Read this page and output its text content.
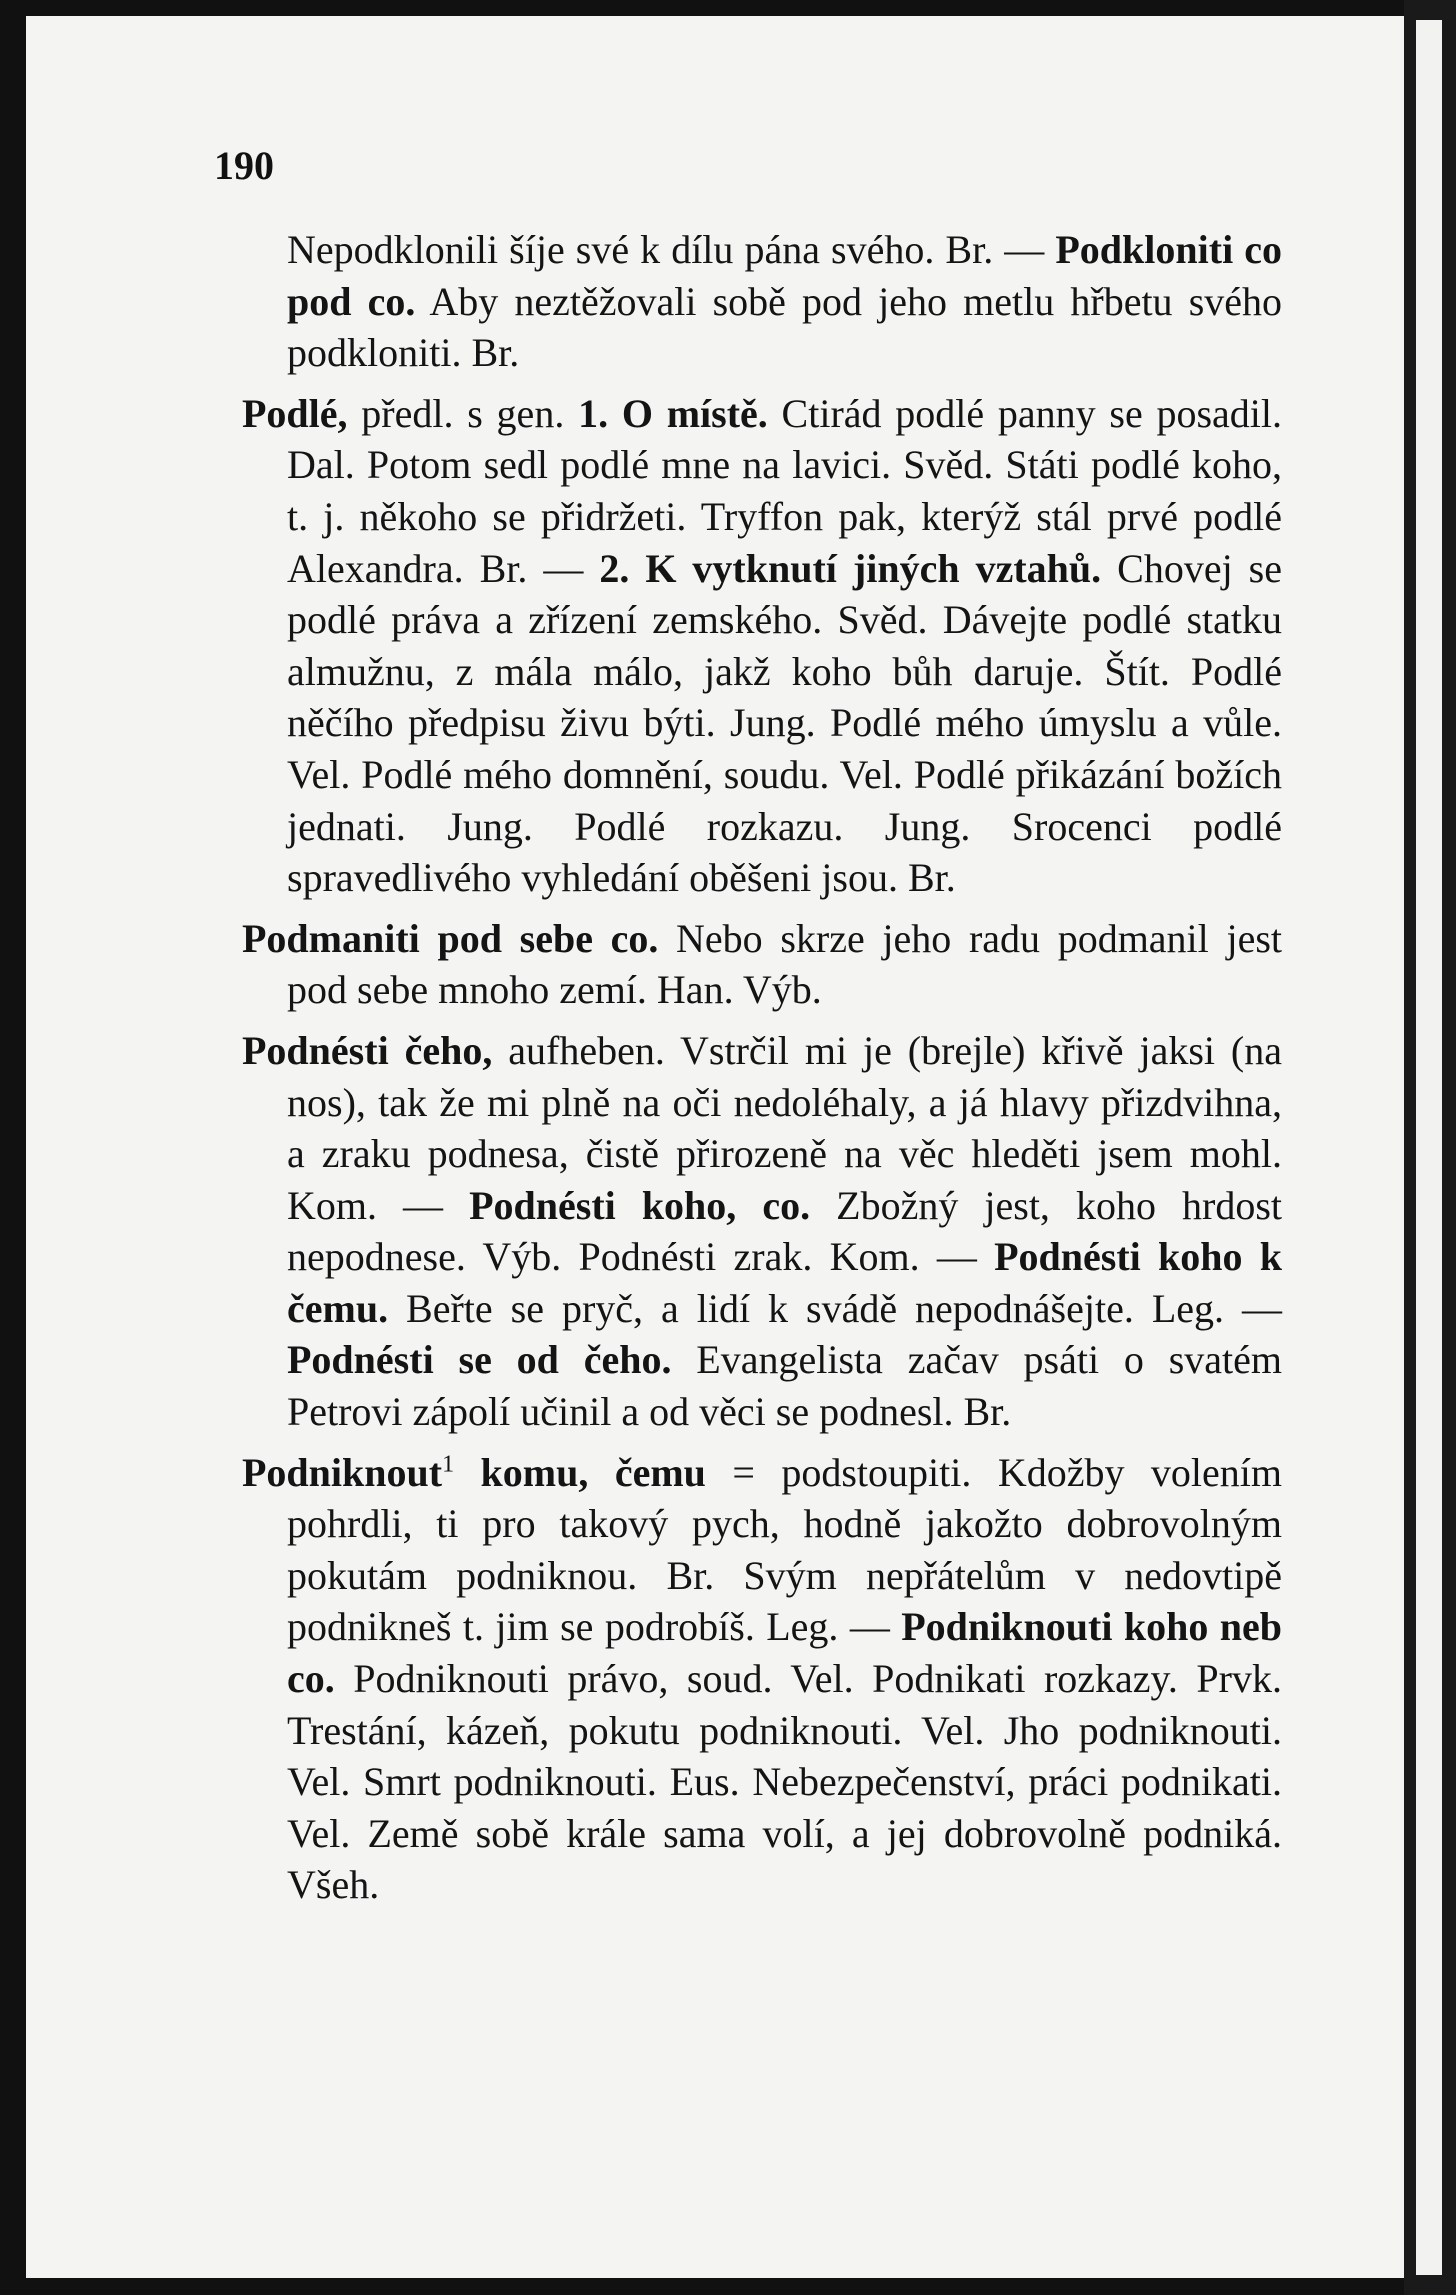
190

Nepodklonili šíje své k dílu pána svého. Br. — Podkloniti co pod co. Aby neztěžovali sobě pod jeho metlu hřbetu svého podkloniti. Br.

Podlé, předl. s gen. 1. O místě. Ctirád podlé panny se posadil. Dal. Potom sedl podlé mne na lavici. Svěd. Státi podlé koho, t. j. někoho se přidržeti. Tryffon pak, kterýž stál prvé podlé Alexandra. Br. — 2. K vytknutí jiných vztahů. Chovej se podlé práva a zřízení zemského. Svěd. Dávejte podlé statku almužnu, z mála málo, jakž koho bůh daruje. Štít. Podlé něčího předpisu živu býti. Jung. Podlé mého úmyslu a vůle. Vel. Podlé mého domnění, soudu. Vel. Podlé přikázání božích jednati. Jung. Podlé rozkazu. Jung. Srocenci podlé spravedlivého vyhledání oběšeni jsou. Br.

Podmaniti pod sebe co. Nebo skrze jeho radu podmanil jest pod sebe mnoho zemí. Han. Výb.

Podnésti čeho, aufheben. Vstrčil mi je (brejle) křivě jaksi (na nos), tak že mi plně na oči nedoléhaly, a já hlavy přizdvihna, a zraku podnesa, čistě přirozeně na věc hleděti jsem mohl. Kom. — Podnésti koho, co. Zbožný jest, koho hrdost nepodnese. Výb. Podnésti zrak. Kom. — Podnésti koho k čemu. Beřte se pryč, a lidí k svádě nepodnášejte. Leg. — Podnésti se od čeho. Evangelista začav psáti o svatém Petrovi zápolí učinil a od věci se podnesl. Br.

Podniknout$^1$ komu, čemu = podstoupiti. Kdožby volením pohrdli, ti pro takový pych, hodně jakožto dobrovolným pokutám podniknou. Br. Svým nepřátelům v nedovtipě podnikneš t. jim se podrobíš. Leg. — Podniknouti koho neb co. Podniknouti právo, soud. Vel. Podnikati rozkazy. Prvk. Trestání, kázeň, pokutu podniknouti. Vel. Jho podniknouti. Vel. Smrt podniknouti. Eus. Nebezpečenství, práci podnikati. Vel. Země sobě krále sama volí, a jej dobrovolně podniká. Všeh.
